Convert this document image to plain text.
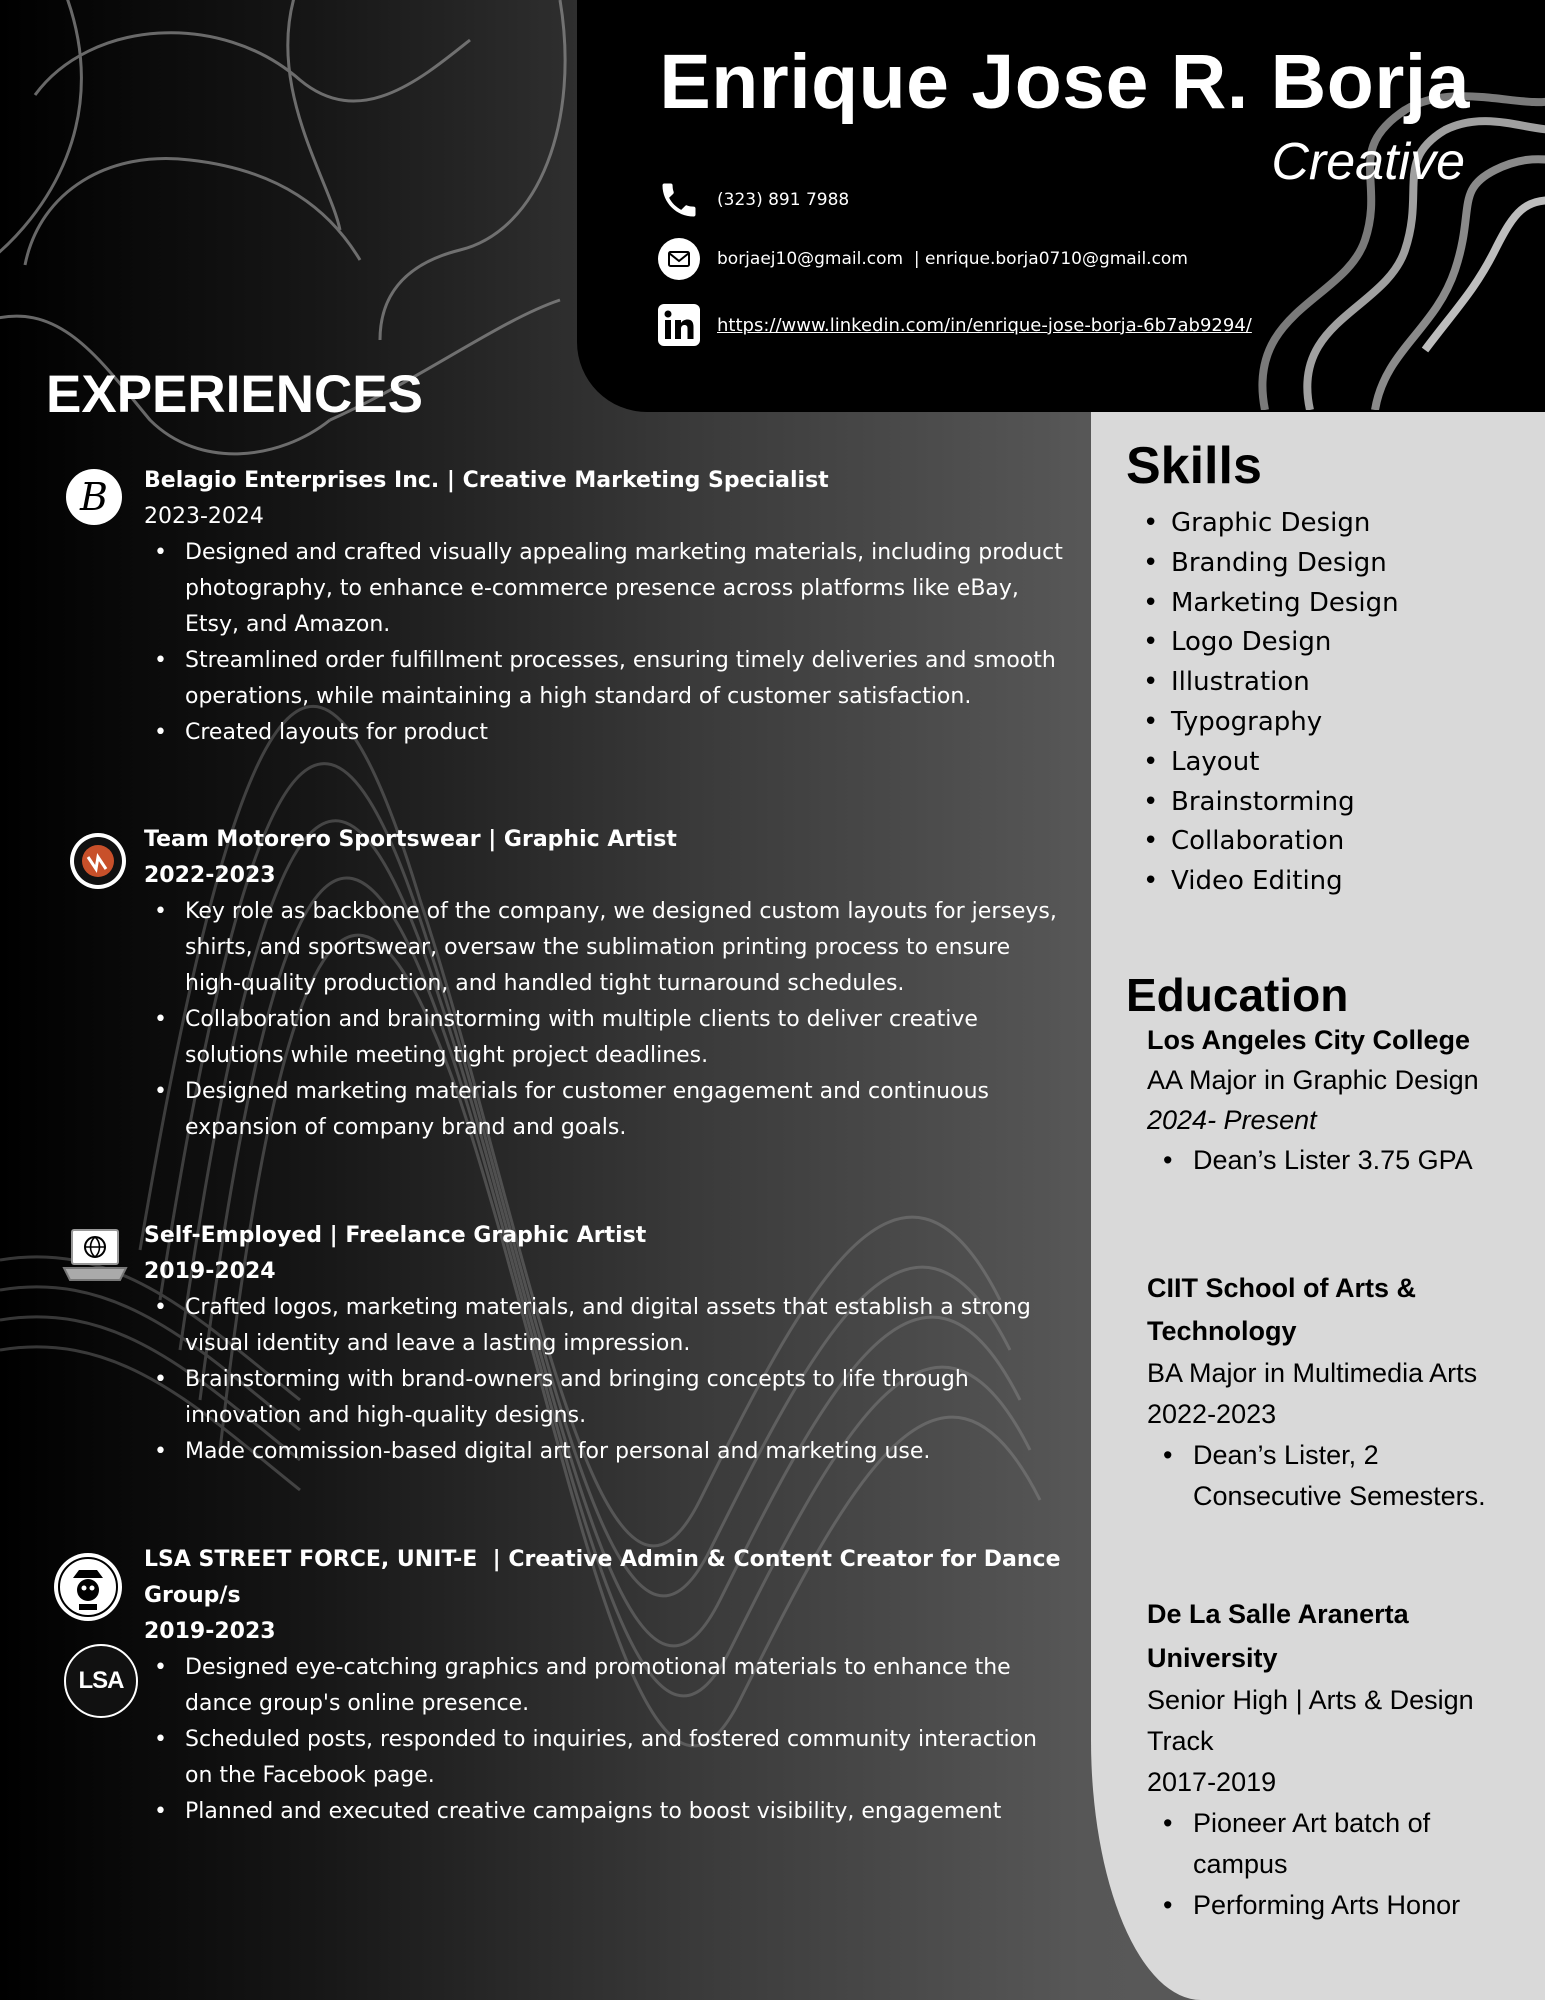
Enrique Jose R. Borja
Creative
(323) 891 7988
borjaej10@gmail.com  | enrique.borja0710@gmail.com
https://www.linkedin.com/in/enrique-jose-borja-6b7ab9294/
EXPERIENCES
B
LSA
Belagio Enterprises Inc. | Creative Marketing Specialist
2023-2024
• Designed and crafted visually appealing marketing materials, including product photography, to enhance e-commerce presence across platforms like eBay, Etsy, and Amazon.
• Streamlined order fulfillment processes, ensuring timely deliveries and smooth operations, while maintaining a high standard of customer satisfaction.
• Created layouts for product
Team Motorero Sportswear | Graphic Artist
2022-2023
• Key role as backbone of the company, we designed custom layouts for jerseys, shirts, and sportswear, oversaw the sublimation printing process to ensure high-quality production, and handled tight turnaround schedules.
• Collaboration and brainstorming with multiple clients to deliver creative solutions while meeting tight project deadlines.
• Designed marketing materials for customer engagement and continuous expansion of company brand and goals.
Self-Employed | Freelance Graphic Artist
2019-2024
• Crafted logos, marketing materials, and digital assets that establish a strong visual identity and leave a lasting impression.
• Brainstorming with brand-owners and bringing concepts to life through innovation and high-quality designs.
• Made commission-based digital art for personal and marketing use.
LSA STREET FORCE, UNIT-E  | Creative Admin & Content Creator for Dance Group/s
2019-2023
• Designed eye-catching graphics and promotional materials to enhance the dance group's online presence.
• Scheduled posts, responded to inquiries, and fostered community interaction on the Facebook page.
• Planned and executed creative campaigns to boost visibility, engagement
Skills
• Graphic Design
• Branding Design
• Marketing Design
• Logo Design
• Illustration
• Typography
• Layout
• Brainstorming
• Collaboration
• Video Editing
Education
Los Angeles City College
AA Major in Graphic Design
2024- Present
• Dean’s Lister 3.75 GPA
CIIT School of Arts & Technology
BA Major in Multimedia Arts
2022-2023
• Dean’s Lister, 2 Consecutive Semesters.
De La Salle Aranerta University
Senior High | Arts & Design Track
2017-2019
• Pioneer Art batch of campus
• Performing Arts Honor
